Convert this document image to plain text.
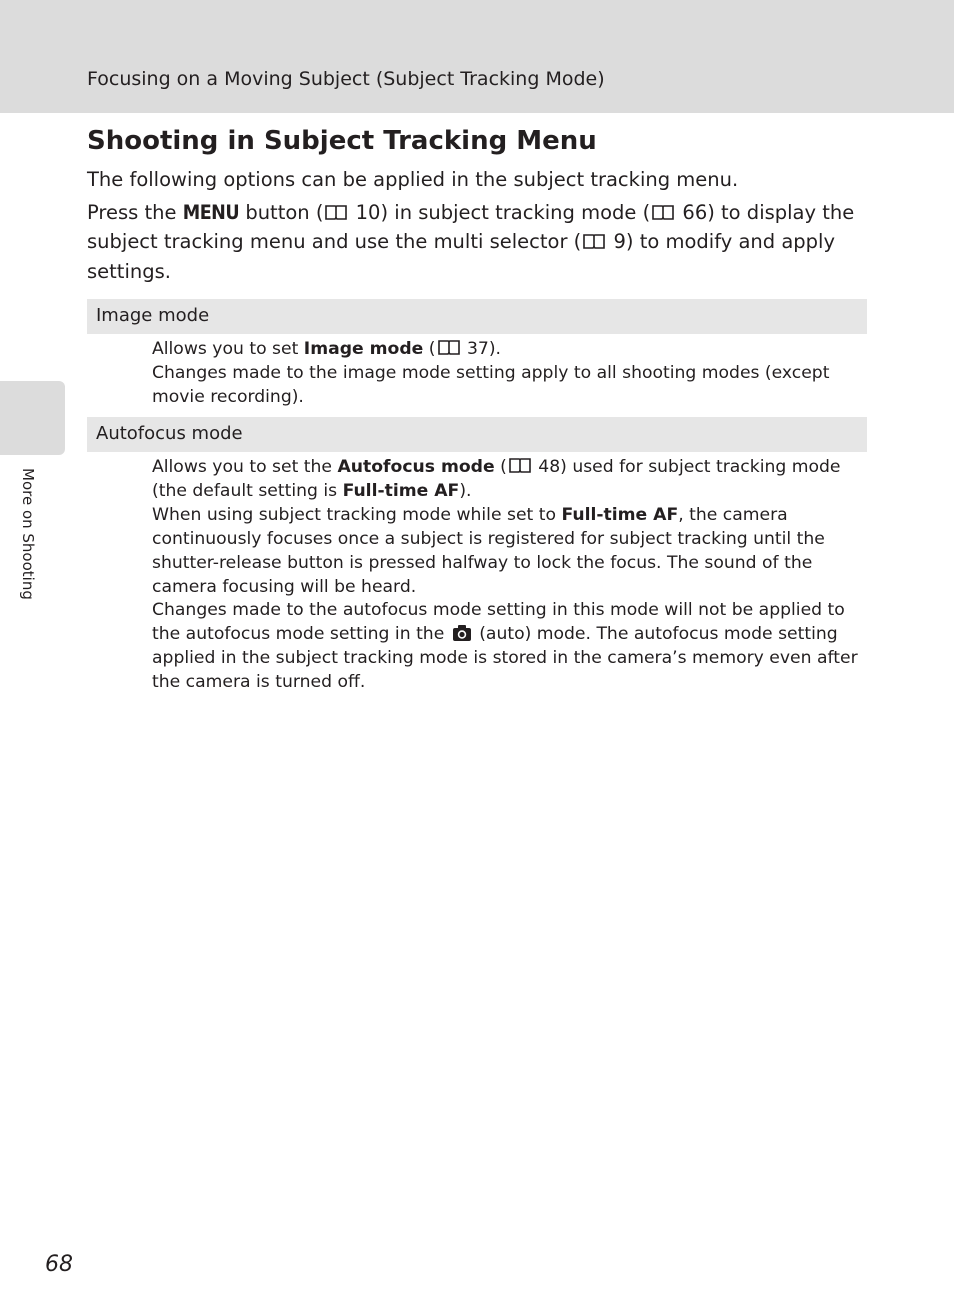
Focusing on a Moving Subject (Subject Tracking Mode)
More on Shooting
Shooting in Subject Tracking Menu

The following options can be applied in the subject tracking menu.

Press the MENU button ( 10) in subject tracking mode ( 66) to display the subject tracking menu and use the multi selector ( 9) to modify and apply settings.

Image mode

Allows you to set Image mode ( 37).

Changes made to the image mode setting apply to all shooting modes (except movie recording).

Autofocus mode

Allows you to set the Autofocus mode ( 48) used for subject tracking mode (the default setting is Full-time AF).

When using subject tracking mode while set to Full-time AF, the camera continuously focuses once a subject is registered for subject tracking until the shutter-release button is pressed halfway to lock the focus. The sound of the camera focusing will be heard.

Changes made to the autofocus mode setting in this mode will not be applied to the autofocus mode setting in the  (auto) mode. The autofocus mode setting applied in the subject tracking mode is stored in the camera’s memory even after the camera is turned off.

68
